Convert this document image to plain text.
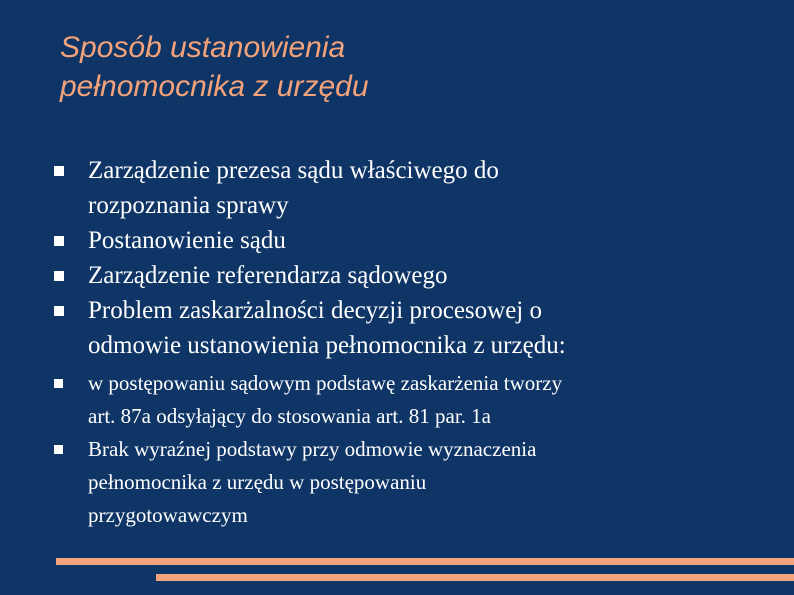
Sposób ustanowienia
pełnomocnika z urzędu
Zarządzenie prezesa sądu właściwego do
rozpoznania sprawy
Postanowienie sądu
Zarządzenie referendarza sądowego
Problem zaskarżalności decyzji procesowej o
odmowie ustanowienia pełnomocnika z urzędu:
w postępowaniu sądowym podstawę zaskarżenia tworzy
art. 87a odsyłający do stosowania art. 81 par. 1a
Brak wyraźnej podstawy przy odmowie wyznaczenia
pełnomocnika z urzędu w postępowaniu
przygotowawczym
